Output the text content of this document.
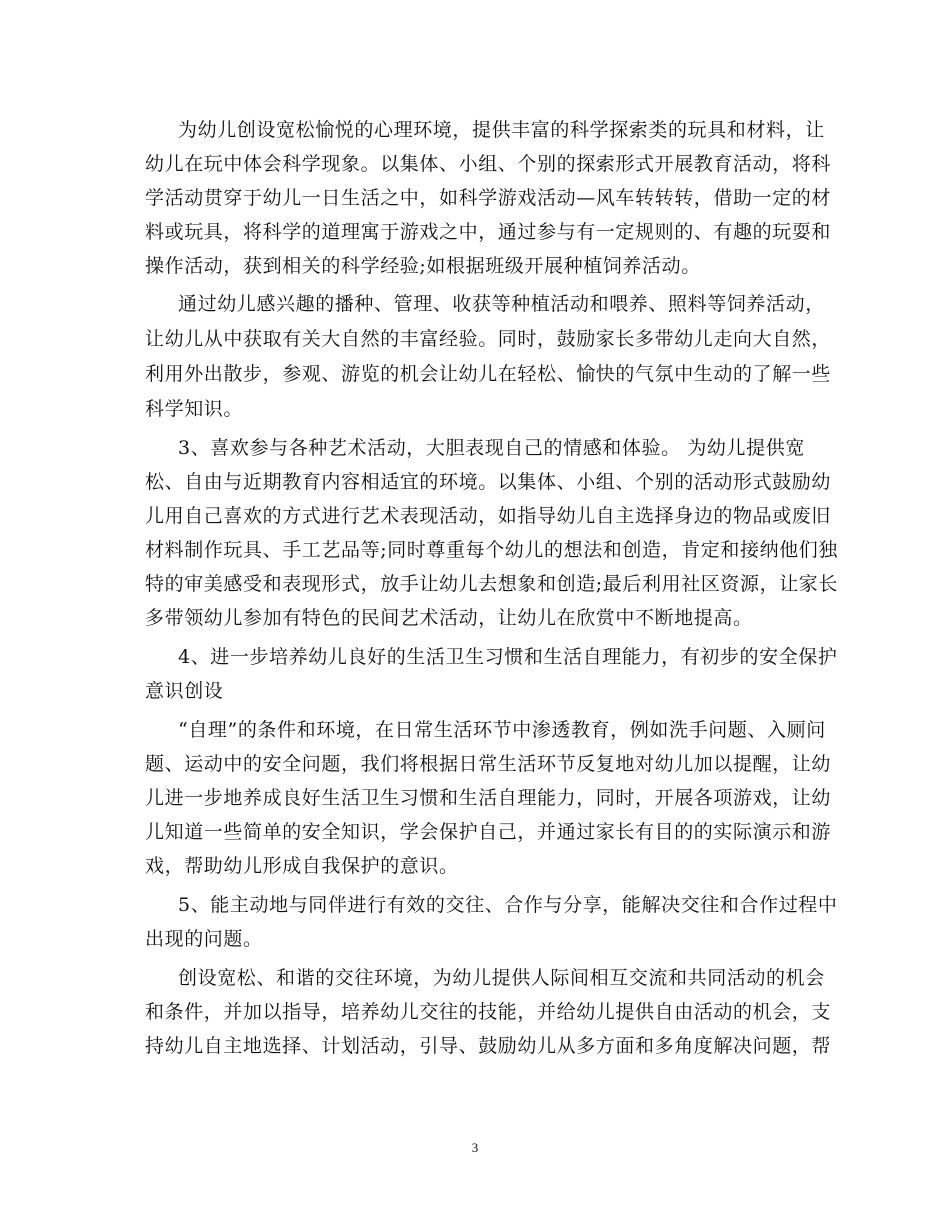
为幼儿创设宽松愉悦的心理环境，提供丰富的科学探索类的玩具和材料，让
幼儿在玩中体会科学现象。以集体、小组、个别的探索形式开展教育活动，将科
学活动贯穿于幼儿一日生活之中，如科学游戏活动—风车转转转，借助一定的材
料或玩具，将科学的道理寓于游戏之中，通过参与有一定规则的、有趣的玩耍和
操作活动，获到相关的科学经验;如根据班级开展种植饲养活动。
通过幼儿感兴趣的播种、管理、收获等种植活动和喂养、照料等饲养活动，
让幼儿从中获取有关大自然的丰富经验。同时，鼓励家长多带幼儿走向大自然，
利用外出散步，参观、游览的机会让幼儿在轻松、愉快的气氛中生动的了解一些
科学知识。
3、喜欢参与各种艺术活动，大胆表现自己的情感和体验。 为幼儿提供宽
松、自由与近期教育内容相适宜的环境。以集体、小组、个别的活动形式鼓励幼
儿用自己喜欢的方式进行艺术表现活动，如指导幼儿自主选择身边的物品或废旧
材料制作玩具、手工艺品等;同时尊重每个幼儿的想法和创造，肯定和接纳他们独
特的审美感受和表现形式，放手让幼儿去想象和创造;最后利用社区资源，让家长
多带领幼儿参加有特色的民间艺术活动，让幼儿在欣赏中不断地提高。
4、进一步培养幼儿良好的生活卫生习惯和生活自理能力，有初步的安全保护
意识创设
“自理”的条件和环境，在日常生活环节中渗透教育，例如洗手问题、入厕问
题、运动中的安全问题，我们将根据日常生活环节反复地对幼儿加以提醒，让幼
儿进一步地养成良好生活卫生习惯和生活自理能力，同时，开展各项游戏，让幼
儿知道一些简单的安全知识，学会保护自己，并通过家长有目的的实际演示和游
戏，帮助幼儿形成自我保护的意识。
5、能主动地与同伴进行有效的交往、合作与分享，能解决交往和合作过程中
出现的问题。
创设宽松、和谐的交往环境，为幼儿提供人际间相互交流和共同活动的机会
和条件，并加以指导，培养幼儿交往的技能，并给幼儿提供自由活动的机会，支
持幼儿自主地选择、计划活动，引导、鼓励幼儿从多方面和多角度解决问题，帮
3
